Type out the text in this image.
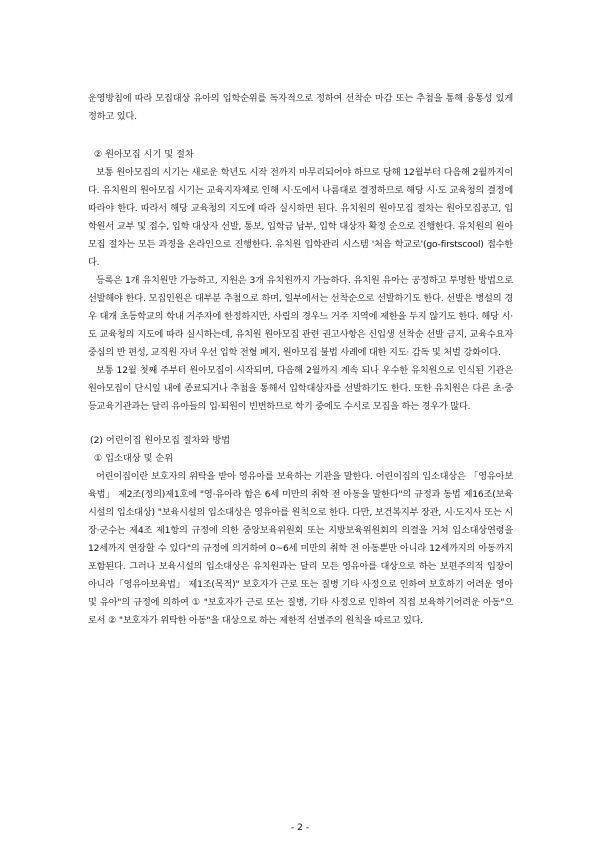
운영방침에 따라 모집대상 유아의 입학순위를 독자적으로 정하여 선착순 마감 또는 추첨을 통해 융통성 있게 정하고 있다.

② 원아모집 시기 및 절차

보통 원아모집의 시기는 새로운 학년도 시작 전까지 마무리되어야 하므로 당해 12월부터 다음해 2월까지이다. 유치원의 원아모집 시기는 교육지자체로 인해 시·도에서 나름대로 결정하므로 해당 시·도 교육청의 결정에 따라야 한다. 따라서 해당 교육청의 지도에 따라 실시하면 된다. 유치원의 원아모집 절차는 원아모집공고, 입학원서 교부 및 접수, 입학 대상자 선발, 통보, 입학금 납부, 입학 대상자 확정 순으로 진행한다. 유치원의 원아모집 절차는 모든 과정을 온라인으로 진행한다. 유치원 입학관리 시스템 '처음 학교로'(go-firstscool) 접수한다.

등록은 1개 유치원만 가능하고, 지원은 3개 유치원까지 가능하다. 유치원 유아는 공정하고 투명한 방법으로 선발해야 한다. 모집인원은 대부분 추첨으로 하며, 일부에서는 선착순으로 선발하기도 한다. 선발은 병설의 경우 대개 초등학교의 학내 거주자에 한정하지만, 사립의 경우느 거주 지역에 제한을 두지 않기도 한다. 해당 시·도 교육청의 지도에 따라 실시하는데, 유치원 원아모집 관련 권고사항은 신입생 선착순 선발 금지, 교육수요자 중심의 반 편성, 교직원 자녀 우선 입학 전형 폐지, 원아모집 불법 사례에 대한 지도· 감독 및 처벌 강화이다.

보통 12월 첫째 주부터 원아모집이 시작되며, 다음해 2월까지 계속 되나 우수한 유치원으로 인식된 기관은 원아모집이 단시일 내에 종료되거나 추첨을 통해서 입학대상자를 선발하기도 한다. 또한 유치원은 다른 초·중등교육기관과는 달리 유아들의 입·퇴원이 빈번하므로 학기 중에도 수시로 모집을 하는 경우가 많다.

(2) 어린이집 원아모집 절차와 방법
① 입소대상 및 순위

어린이집이란 보호자의 위탁을 받아 영유아를 보육하는 기관을 말한다. 어린이집의 입소대상은 「영유아보육법」 제2조(정의)제1호에 "영·유아라 함은 6세 미만의 취학 전 아동을 말한다"의 규정과 동법 제16조(보육시설의 입소대상) "보육시설의 입소대상은 영유아를 원칙으로 한다. 다만, 보건복지부 장관, 시·도지사 또는 시장·군수는 제4조 제1항의 규정에 의한 중앙보육위원회 또는 지방보육위원회의 의결을 거쳐 입소대상연령을 12세까지 연장할 수 있다"의 규정에 의거하여 0~6세 미만의 취학 전 아동뿐만 아니라 12세까지의 아동까지 포함된다. 그러나 보육시설의 입소대상은 유치원과는 달리 모든 영유아를 대상으로 하는 보편주의적 입장이 아니라「영유아보육법」 제1조(목적)" 보호자가 근로 또는 질병 기타 사정으로 인하여 보호하기 어려운 영아 및 유아"의 규정에 의하여 ① "보호자가 근로 또는 질병, 기타 사정으로 인하여 직접 보육하기어려운 아동"으로서 ② "보호자가 위탁한 아동"을 대상으로 하는 제한적 선별주의 원칙을 따르고 있다.

- 2 -
